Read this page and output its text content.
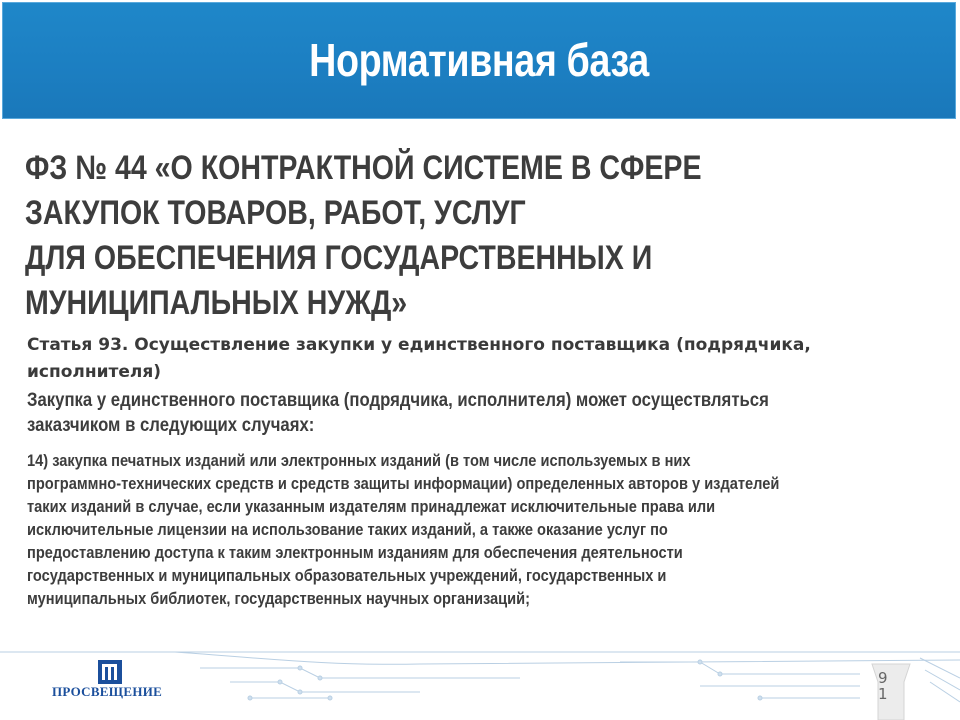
Нормативная база
ФЗ № 44 «О КОНТРАКТНОЙ СИСТЕМЕ В СФЕРЕ
ЗАКУПОК ТОВАРОВ, РАБОТ, УСЛУГ
ДЛЯ ОБЕСПЕЧЕНИЯ ГОСУДАРСТВЕННЫХ И
МУНИЦИПАЛЬНЫХ НУЖД»
Статья 93. Осуществление закупки у единственного поставщика (подрядчика, исполнителя)
Закупка у единственного поставщика (подрядчика, исполнителя) может осуществляться
заказчиком в следующих случаях:
14) закупка печатных изданий или электронных изданий (в том числе используемых в них
программно-технических средств и средств защиты информации) определенных авторов у издателей
таких изданий в случае, если указанным издателям принадлежат исключительные права или
исключительные лицензии на использование таких изданий, а также оказание услуг по
предоставлению доступа к таким электронным изданиям для обеспечения деятельности
государственных и муниципальных образовательных учреждений, государственных и
муниципальных библиотек, государственных научных организаций;
ПРОСВЕЩЕНИЕ
9
1
